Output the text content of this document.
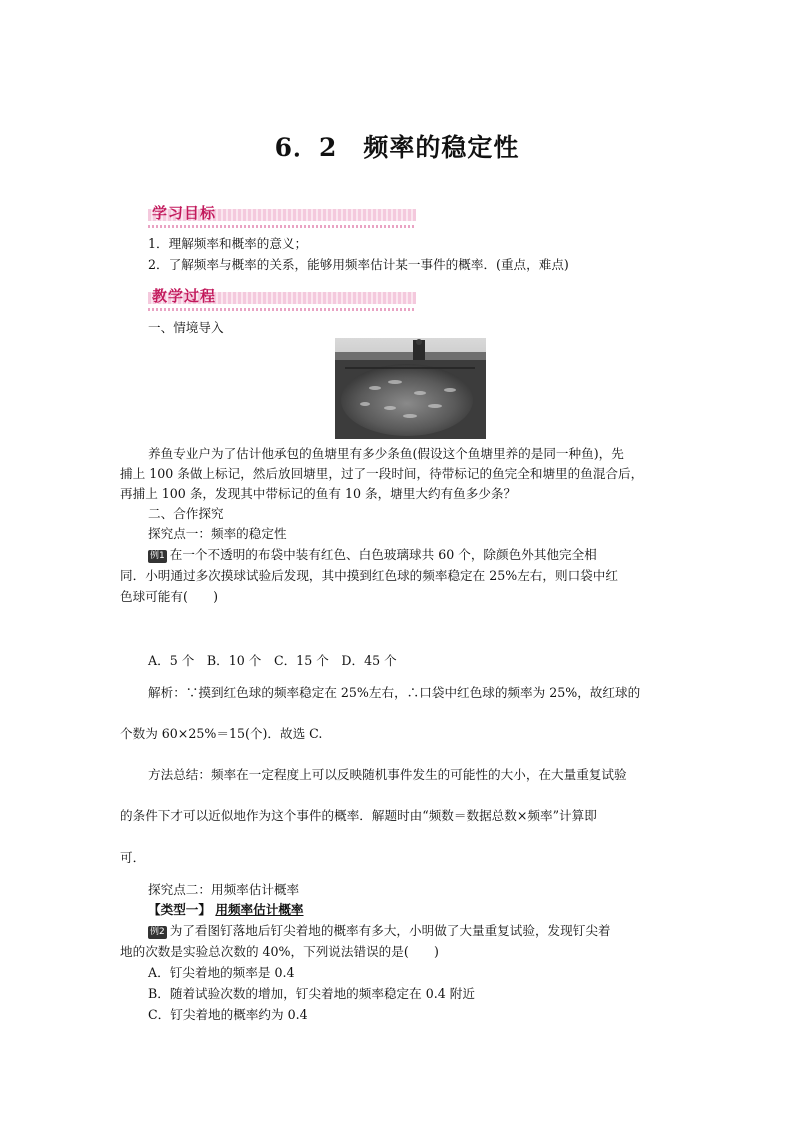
6．2　频率的稳定性
学习目标
1．理解频率和概率的意义；
2．了解频率与概率的关系，能够用频率估计某一事件的概率．(重点，难点)
教学过程
一、情境导入
养鱼专业户为了估计他承包的鱼塘里有多少条鱼(假设这个鱼塘里养的是同一种鱼)，先
捕上 100 条做上标记，然后放回塘里，过了一段时间，待带标记的鱼完全和塘里的鱼混合后，
再捕上 100 条，发现其中带标记的鱼有 10 条，塘里大约有鱼多少条？
二、合作探究
探究点一：频率的稳定性
例1 在一个不透明的布袋中装有红色、白色玻璃球共 60 个，除颜色外其他完全相
同．小明通过多次摸球试验后发现，其中摸到红色球的频率稳定在 25%左右，则口袋中红
色球可能有(　　)
A．5 个　B．10 个　C．15 个　D．45 个
解析：∵摸到红色球的频率稳定在 25%左右，∴口袋中红色球的频率为 25%，故红球的
个数为 60×25%＝15(个)．故选 C.
方法总结：频率在一定程度上可以反映随机事件发生的可能性的大小，在大量重复试验
的条件下才可以近似地作为这个事件的概率．解题时由“频数＝数据总数×频率”计算即
可．
探究点二：用频率估计概率
【类型一】 用频率估计概率
例2 为了看图钉落地后钉尖着地的概率有多大，小明做了大量重复试验，发现钉尖着
地的次数是实验总次数的 40%，下列说法错误的是(　　)
A．钉尖着地的频率是 0.4
B．随着试验次数的增加，钉尖着地的频率稳定在 0.4 附近
C．钉尖着地的概率约为 0.4
